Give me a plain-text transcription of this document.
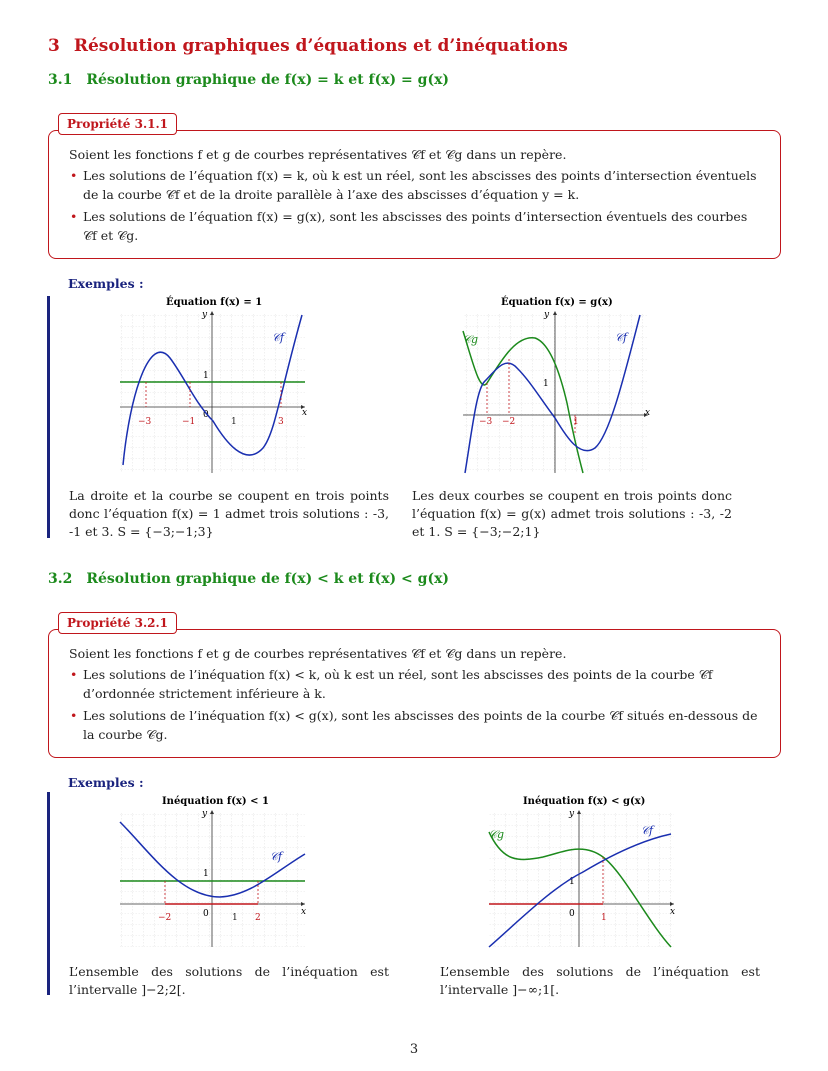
3 Résolution graphiques d’équations et d’inéquations
3.1 Résolution graphique de f(x) = k et f(x) = g(x)

Soient les fonctions f et g de courbes représentatives 𝒞f et 𝒞g dans un repère.

• Les solutions de l’équation f(x) = k, où k est un réel, sont les abscisses des points d’intersection éventuels de la courbe 𝒞f et de la droite parallèle à l’axe des abscisses d’équation y = k.
• Les solutions de l’équation f(x) = g(x), sont les abscisses des points d’intersection éventuels des courbes 𝒞f et 𝒞g.
Propriété 3.1.1
Exemples :
Équation f(x) = 1
x
y
0
1
𝒞f
−3	−1	1	3
Équation f(x) = g(x)
x
y
1
𝒞g	𝒞f
−3 −2	1
La droite et la courbe se coupent en trois points donc l’équation f(x) = 1 admet trois solutions : -3, -1 et 3. S = {−3;−1;3}
Les deux courbes se coupent en trois points donc l’équation f(x) = g(x) admet trois solutions : -3, -2 et 1. S = {−3;−2;1}
3.2 Résolution graphique de f(x) < k et f(x) < g(x)

Soient les fonctions f et g de courbes représentatives 𝒞f et 𝒞g dans un repère.

• Les solutions de l’inéquation f(x) < k, où k est un réel, sont les abscisses des points de la courbe 𝒞f d’ordonnée strictement inférieure à k.
• Les solutions de l’inéquation f(x) < g(x), sont les abscisses des points de la courbe 𝒞f situés en-dessous de la courbe 𝒞g.
Propriété 3.2.1
Exemples :
Inéquation f(x) < 1
x
y
0
1
𝒞f
−2	1 2
Inéquation f(x) < g(x)
x
y
0
1
𝒞g	𝒞f
1
L’ensemble des solutions de l’inéquation est l’intervalle ]−2;2[.
L’ensemble des solutions de l’inéquation est l’intervalle ]−∞;1[.
3
